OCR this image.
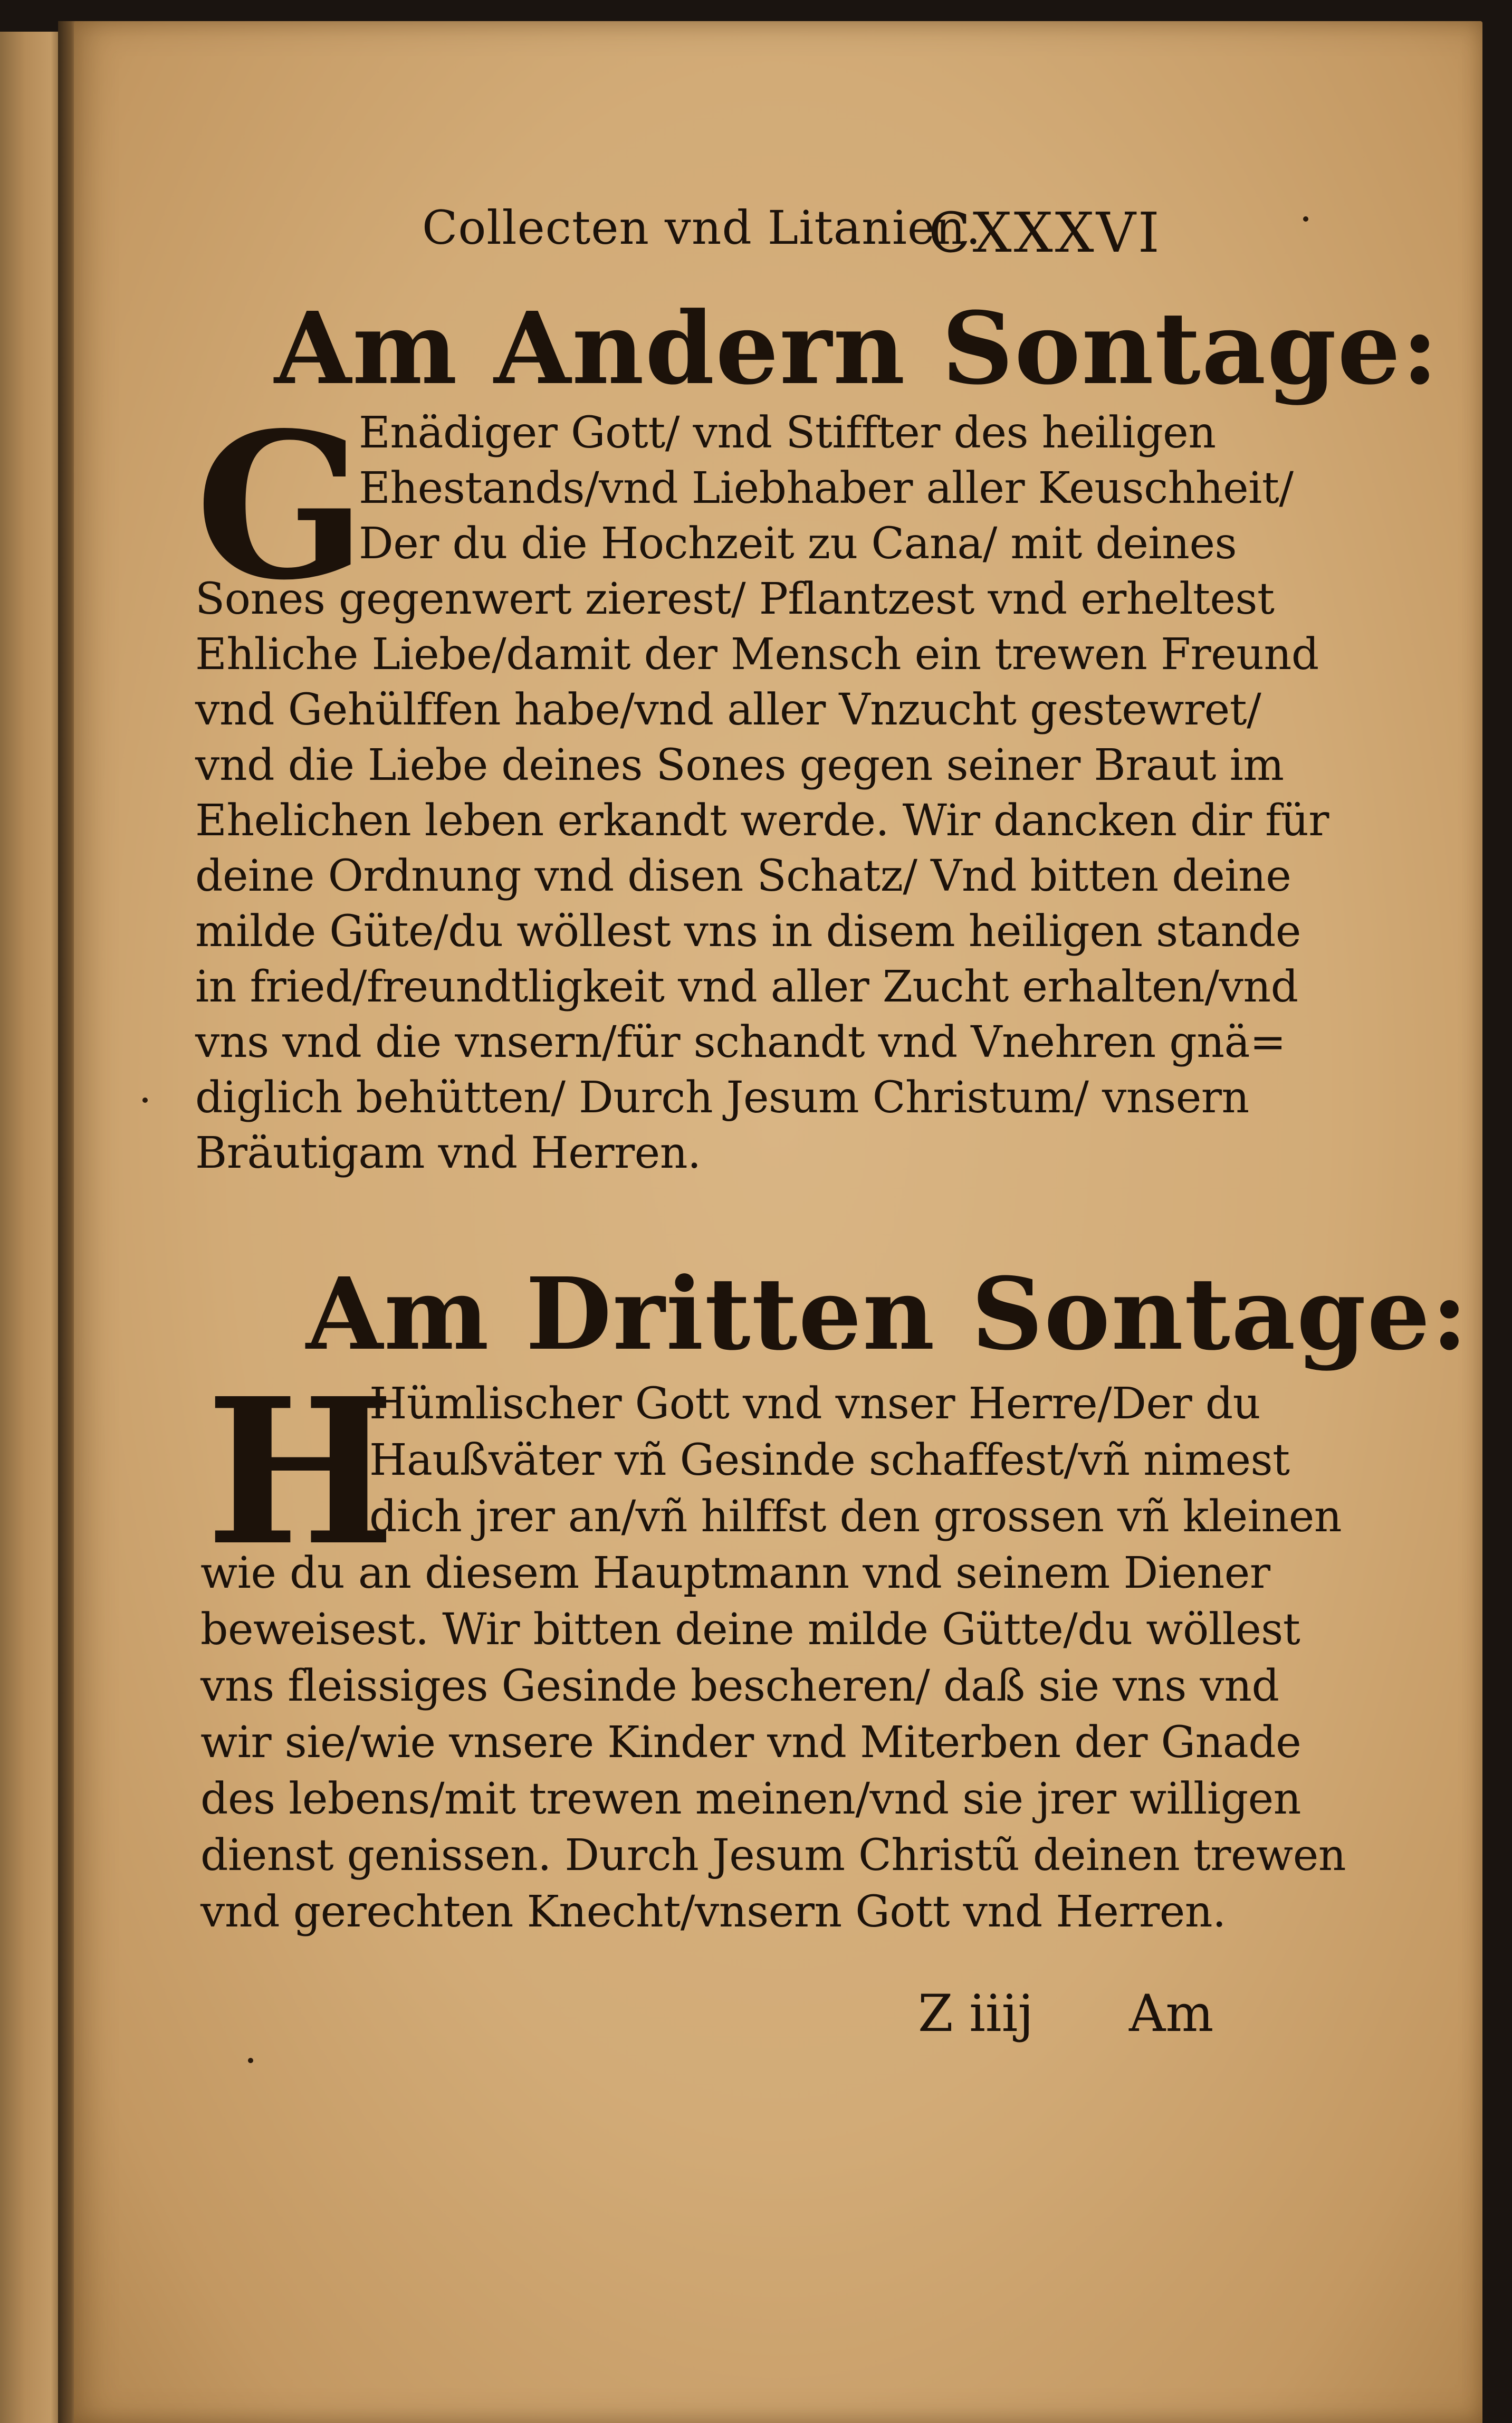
Collecten vnd Litanien.
CXXXVI
Am Andern Sontage:
G
Enädiger Gott/ vnd Stiffter des heiligen
Ehestands/vnd Liebhaber aller Keuschheit/
Der du die Hochzeit zu Cana/ mit deines
Sones gegenwert zierest/ Pflantzest vnd erheltest
Ehliche Liebe/damit der Mensch ein trewen Freund
vnd Gehülffen habe/vnd aller Vnzucht gestewret/
vnd die Liebe deines Sones gegen seiner Braut im
Ehelichen leben erkandt werde. Wir dancken dir für
deine Ordnung vnd disen Schatz/ Vnd bitten deine
milde Güte/du wöllest vns in disem heiligen stande
in fried/freundtligkeit vnd aller Zucht erhalten/vnd
vns vnd die vnsern/für schandt vnd Vnehren gnä=
diglich behütten/ Durch Jesum Christum/ vnsern
Bräutigam vnd Herren.
Am Dritten Sontage:
H
Hümlischer Gott vnd vnser Herre/Der du
Haußväter vñ Gesinde schaffest/vñ nimest
dich jrer an/vñ hilffst den grossen vñ kleinen
wie du an diesem Hauptmann vnd seinem Diener
beweisest. Wir bitten deine milde Gütte/du wöllest
vns fleissiges Gesinde bescheren/ daß sie vns vnd
wir sie/wie vnsere Kinder vnd Miterben der Gnade
des lebens/mit trewen meinen/vnd sie jrer willigen
dienst genissen. Durch Jesum Christũ deinen trewen
vnd gerechten Knecht/vnsern Gott vnd Herren.
Z iiij Am
